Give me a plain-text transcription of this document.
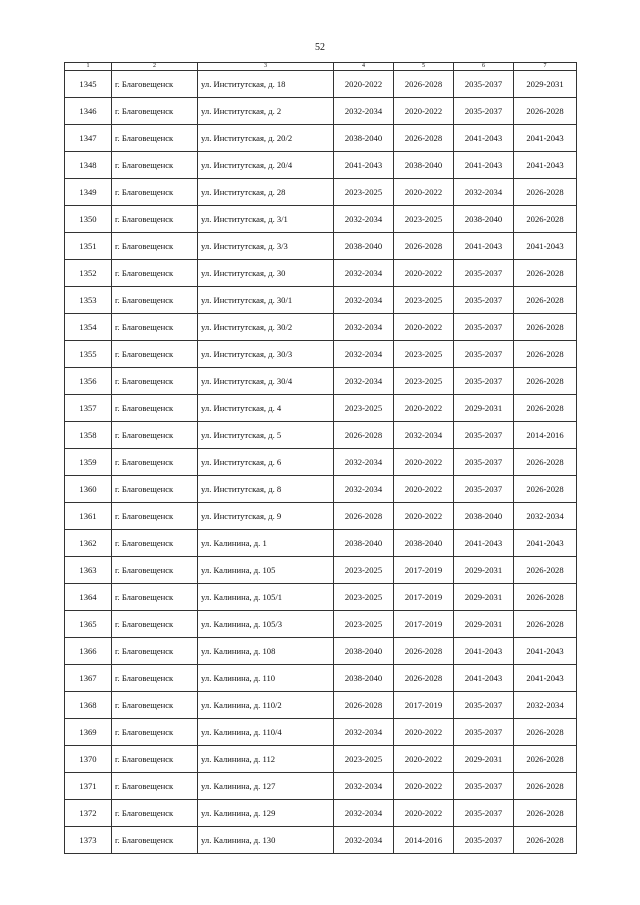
52
1	2	3	4	5	6	7
1345	г. Благовещенск	ул. Институтская, д. 18	2020-2022	2026-2028	2035-2037	2029-2031
1346	г. Благовещенск	ул. Институтская, д. 2	2032-2034	2020-2022	2035-2037	2026-2028
1347	г. Благовещенск	ул. Институтская, д. 20/2	2038-2040	2026-2028	2041-2043	2041-2043
1348	г. Благовещенск	ул. Институтская, д. 20/4	2041-2043	2038-2040	2041-2043	2041-2043
1349	г. Благовещенск	ул. Институтская, д. 28	2023-2025	2020-2022	2032-2034	2026-2028
1350	г. Благовещенск	ул. Институтская, д. 3/1	2032-2034	2023-2025	2038-2040	2026-2028
1351	г. Благовещенск	ул. Институтская, д. 3/3	2038-2040	2026-2028	2041-2043	2041-2043
1352	г. Благовещенск	ул. Институтская, д. 30	2032-2034	2020-2022	2035-2037	2026-2028
1353	г. Благовещенск	ул. Институтская, д. 30/1	2032-2034	2023-2025	2035-2037	2026-2028
1354	г. Благовещенск	ул. Институтская, д. 30/2	2032-2034	2020-2022	2035-2037	2026-2028
1355	г. Благовещенск	ул. Институтская, д. 30/3	2032-2034	2023-2025	2035-2037	2026-2028
1356	г. Благовещенск	ул. Институтская, д. 30/4	2032-2034	2023-2025	2035-2037	2026-2028
1357	г. Благовещенск	ул. Институтская, д. 4	2023-2025	2020-2022	2029-2031	2026-2028
1358	г. Благовещенск	ул. Институтская, д. 5	2026-2028	2032-2034	2035-2037	2014-2016
1359	г. Благовещенск	ул. Институтская, д. 6	2032-2034	2020-2022	2035-2037	2026-2028
1360	г. Благовещенск	ул. Институтская, д. 8	2032-2034	2020-2022	2035-2037	2026-2028
1361	г. Благовещенск	ул. Институтская, д. 9	2026-2028	2020-2022	2038-2040	2032-2034
1362	г. Благовещенск	ул. Калинина, д. 1	2038-2040	2038-2040	2041-2043	2041-2043
1363	г. Благовещенск	ул. Калинина, д. 105	2023-2025	2017-2019	2029-2031	2026-2028
1364	г. Благовещенск	ул. Калинина, д. 105/1	2023-2025	2017-2019	2029-2031	2026-2028
1365	г. Благовещенск	ул. Калинина, д. 105/3	2023-2025	2017-2019	2029-2031	2026-2028
1366	г. Благовещенск	ул. Калинина, д. 108	2038-2040	2026-2028	2041-2043	2041-2043
1367	г. Благовещенск	ул. Калинина, д. 110	2038-2040	2026-2028	2041-2043	2041-2043
1368	г. Благовещенск	ул. Калинина, д. 110/2	2026-2028	2017-2019	2035-2037	2032-2034
1369	г. Благовещенск	ул. Калинина, д. 110/4	2032-2034	2020-2022	2035-2037	2026-2028
1370	г. Благовещенск	ул. Калинина, д. 112	2023-2025	2020-2022	2029-2031	2026-2028
1371	г. Благовещенск	ул. Калинина, д. 127	2032-2034	2020-2022	2035-2037	2026-2028
1372	г. Благовещенск	ул. Калинина, д. 129	2032-2034	2020-2022	2035-2037	2026-2028
1373	г. Благовещенск	ул. Калинина, д. 130	2032-2034	2014-2016	2035-2037	2026-2028
